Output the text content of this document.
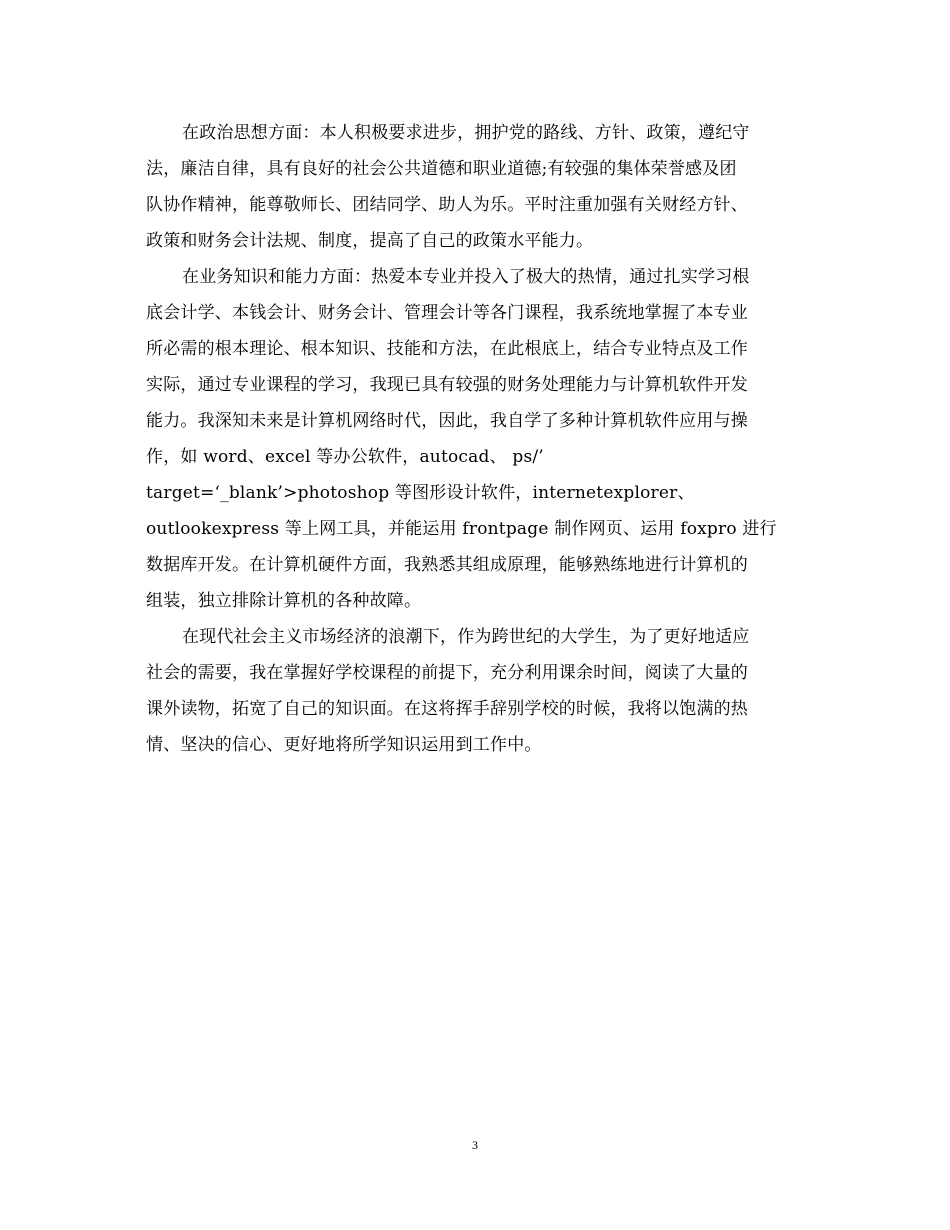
在政治思想方面：本人积极要求进步，拥护党的路线、方针、政策，遵纪守
法，廉洁自律，具有良好的社会公共道德和职业道德;有较强的集体荣誉感及团
队协作精神，能尊敬师长、团结同学、助人为乐。平时注重加强有关财经方针、
政策和财务会计法规、制度，提高了自己的政策水平能力。

在业务知识和能力方面：热爱本专业并投入了极大的热情，通过扎实学习根
底会计学、本钱会计、财务会计、管理会计等各门课程，我系统地掌握了本专业
所必需的根本理论、根本知识、技能和方法，在此根底上，结合专业特点及工作
实际，通过专业课程的学习，我现已具有较强的财务处理能力与计算机软件开发
能力。我深知未来是计算机网络时代，因此，我自学了多种计算机软件应用与操
作，如 word、excel 等办公软件，autocad、 ps/’
target=‘_blank’>photoshop 等图形设计软件，internetexplorer、
outlookexpress 等上网工具，并能运用 frontpage 制作网页、运用 foxpro 进行
数据库开发。在计算机硬件方面，我熟悉其组成原理，能够熟练地进行计算机的
组装，独立排除计算机的各种故障。

在现代社会主义市场经济的浪潮下，作为跨世纪的大学生，为了更好地适应
社会的需要，我在掌握好学校课程的前提下，充分利用课余时间，阅读了大量的
课外读物，拓宽了自己的知识面。在这将挥手辞别学校的时候，我将以饱满的热
情、坚决的信心、更好地将所学知识运用到工作中。

3
